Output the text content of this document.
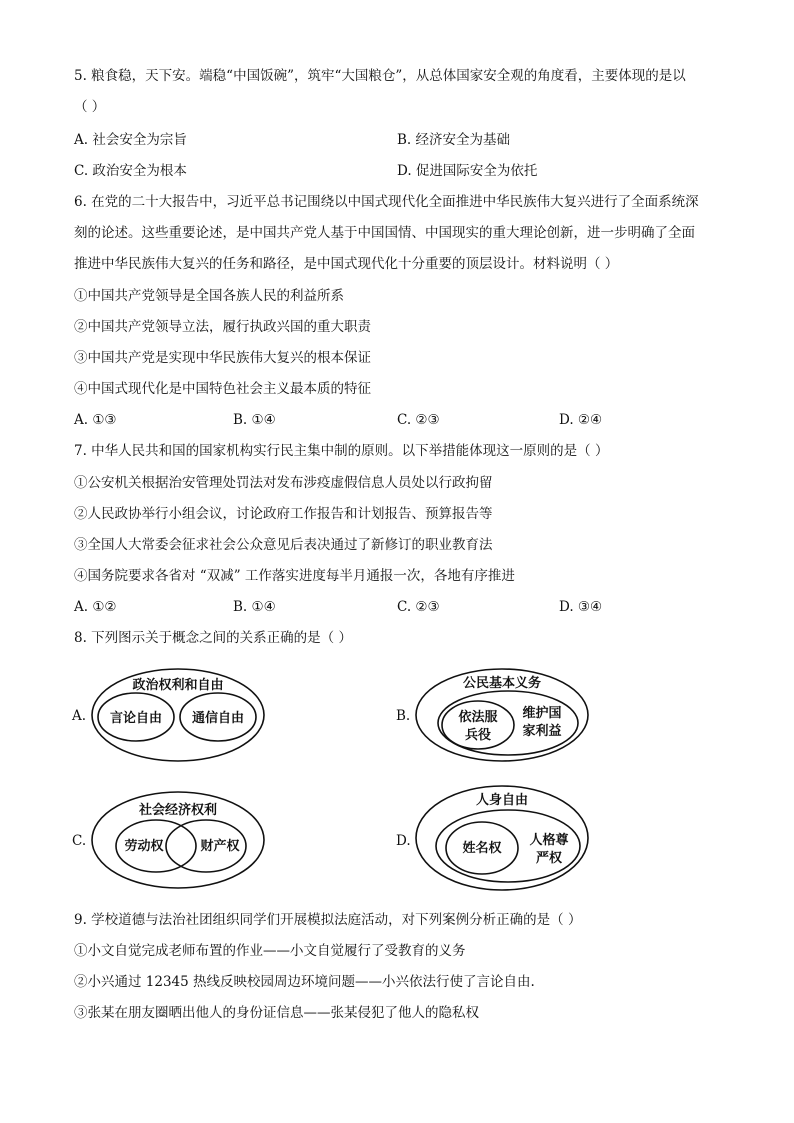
5. 粮食稳，天下安。端稳“中国饭碗”，筑牢“大国粮仓”，从总体国家安全观的角度看，主要体现的是以
（ ）
A. 社会安全为宗旨	B. 经济安全为基础
C. 政治安全为根本	D. 促进国际安全为依托
6. 在党的二十大报告中，习近平总书记围绕以中国式现代化全面推进中华民族伟大复兴进行了全面系统深
刻的论述。这些重要论述，是中国共产党人基于中国国情、中国现实的重大理论创新，进一步明确了全面
推进中华民族伟大复兴的任务和路径，是中国式现代化十分重要的顶层设计。材料说明（ ）
①中国共产党领导是全国各族人民的利益所系
②中国共产党领导立法，履行执政兴国的重大职责
③中国共产党是实现中华民族伟大复兴的根本保证
④中国式现代化是中国特色社会主义最本质的特征
A. ①③	B. ①④	C. ②③	D. ②④
7. 中华人民共和国的国家机构实行民主集中制的原则。以下举措能体现这一原则的是（ ）
①公安机关根据治安管理处罚法对发布涉疫虚假信息人员处以行政拘留
②人民政协举行小组会议，讨论政府工作报告和计划报告、预算报告等
③全国人大常委会征求社会公众意见后表决通过了新修订的职业教育法
④国务院要求各省对 “双减” 工作落实进度每半月通报一次，各地有序推进
A. ①②	B. ①④	C. ②③	D. ③④
8. 下列图示关于概念之间的关系正确的是（ ）
A.
政治权利和自由
言论自由 通信自由	B.
公民基本义务
依法服
兵役
维护国
家利益
C.
社会经济权利
劳动权	财产权	D.
人身自由
姓名权
人格尊
严权
9. 学校道德与法治社团组织同学们开展模拟法庭活动，对下列案例分析正确的是（ ）
①小文自觉完成老师布置的作业——小文自觉履行了受教育的义务
②小兴通过 12345 热线反映校园周边环境问题——小兴依法行使了言论自由.
③张某在朋友圈晒出他人的身份证信息——张某侵犯了他人的隐私权
